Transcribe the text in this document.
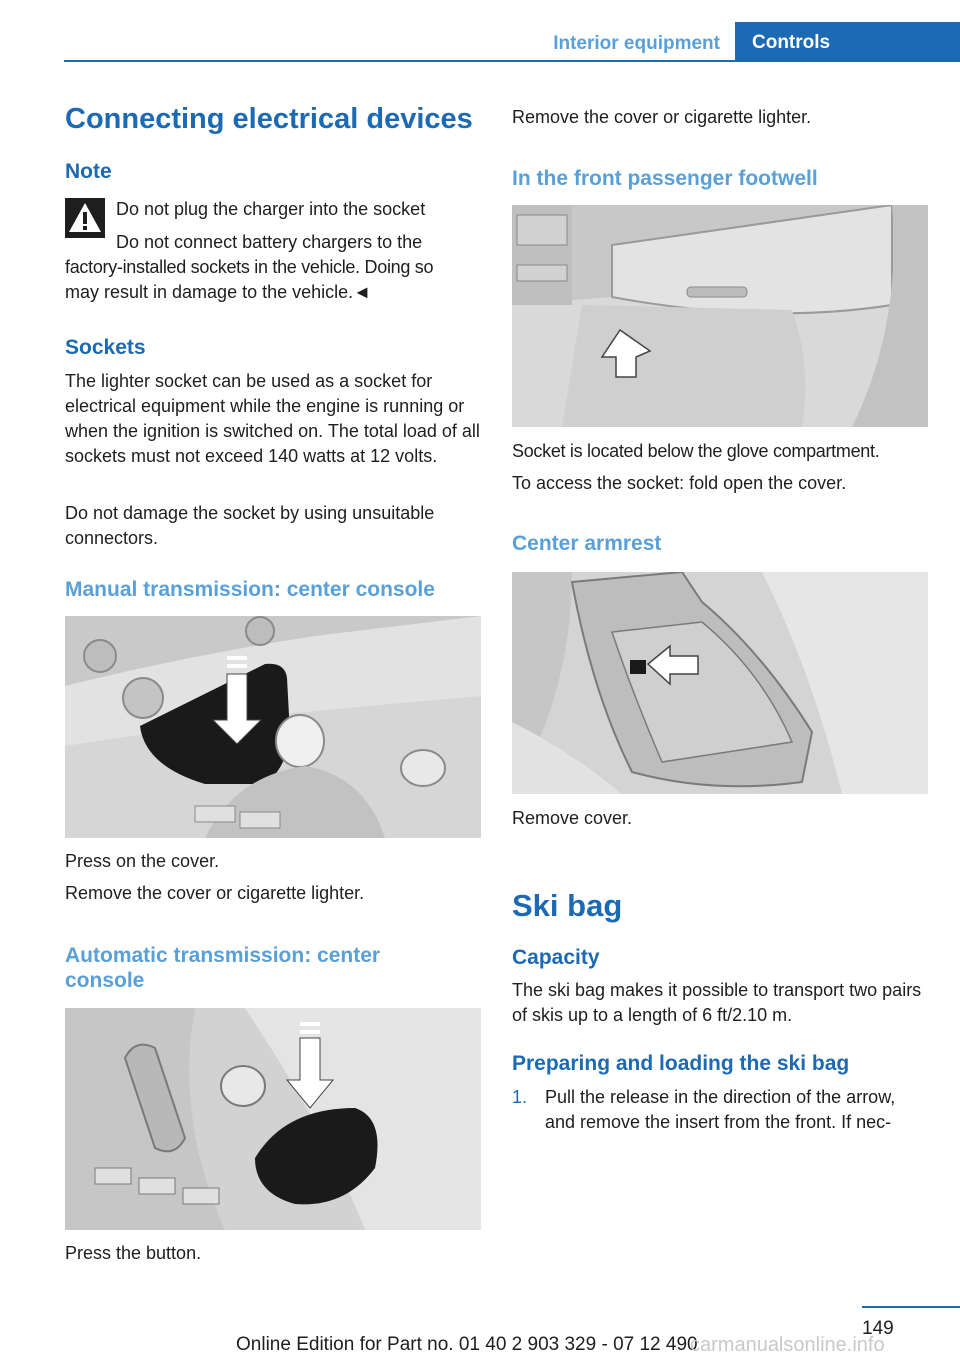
Interior equipment	Controls
Connecting electrical devices
Note
Do not plug the charger into the socket
Do not connect battery chargers to the
factory-installed sockets in the vehicle. Doing so
may result in damage to the vehicle.◄
Sockets
The lighter socket can be used as a socket for electrical equipment while the engine is running or when the ignition is switched on. The total load of all sockets must not exceed 140 watts at 12 volts.
Do not damage the socket by using unsuitable connectors.
Manual transmission: center console
Press on the cover.
Remove the cover or cigarette lighter.
Automatic transmission: center console
Press the button.
Remove the cover or cigarette lighter.
In the front passenger footwell
Socket is located below the glove compartment.
To access the socket: fold open the cover.
Center armrest
Remove cover.
Ski bag
Capacity
The ski bag makes it possible to transport two pairs of skis up to a length of 6 ft/2.10 m.
Preparing and loading the ski bag
1. Pull the release in the direction of the arrow,
and remove the insert from the front. If nec-
149
Online Edition for Part no. 01 40 2 903 329 - 07 12 490
carmanualsonline.info
